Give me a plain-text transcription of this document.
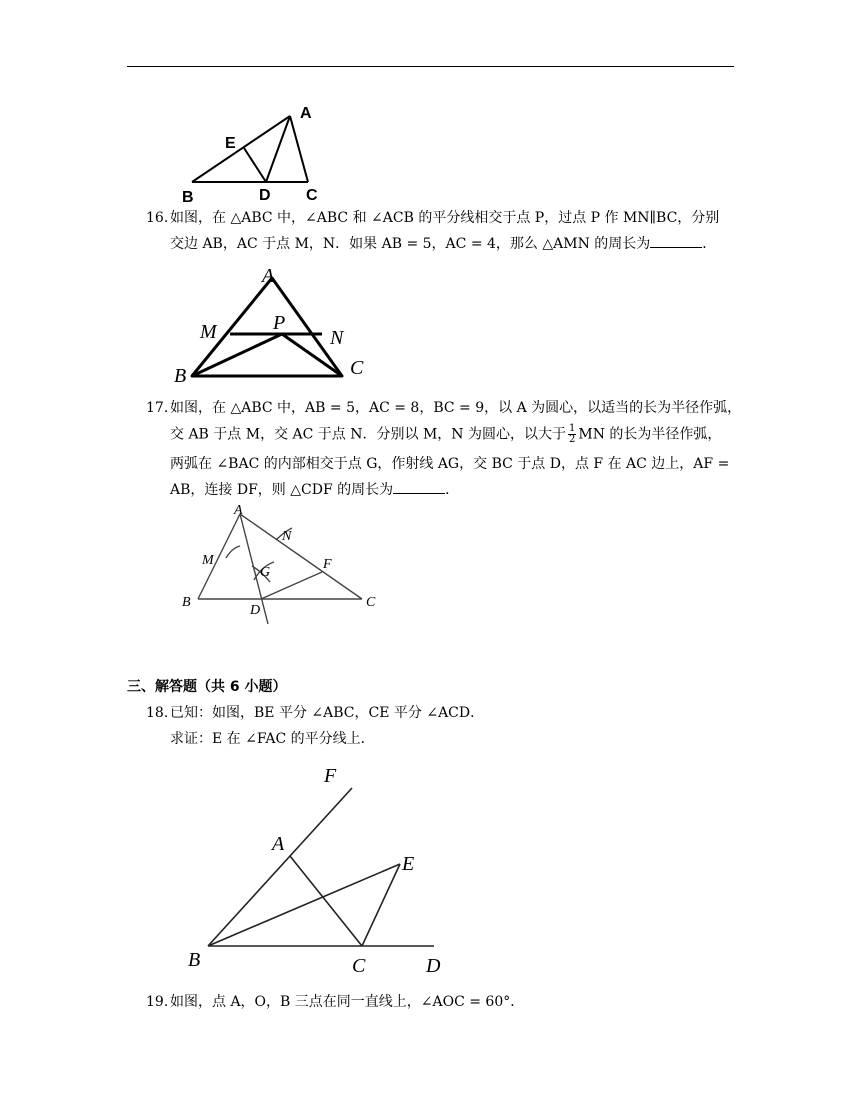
A
E
B	D C
16. 如图，在 △ABC 中，∠ABC 和 ∠ACB 的平分线相交于点 P，过点 P 作 MN∥BC，分别
交边 AB，AC 于点 M，N．如果 AB = 5，AC = 4，那么 △AMN 的周长为	．
A
M	P
N
B	C
17. 如图，在 △ABC 中，AB = 5，AC = 8，BC = 9，以 A 为圆心，以适当的长为半径作弧，
交 AB 于点 M，交 AC 于点 N．分别以 M，N 为圆心，以大于 $\frac{1}{2}$ MN 的长为半径作弧，
两弧在 ∠BAC 的内部相交于点 G，作射线 AG，交 BC 于点 D，点 F 在 AC 边上，AF =
AB，连接 DF，则 △CDF 的周长为	．
A
N
M
G
F
B
D
C
三、解答题（共 6 小题）
18. 已知：如图，BE 平分 ∠ABC，CE 平分 ∠ACD．
求证：E 在 ∠FAC 的平分线上．
F
A
E
B	C	D
19. 如图，点 A，O，B 三点在同一直线上，∠AOC = 60°．
